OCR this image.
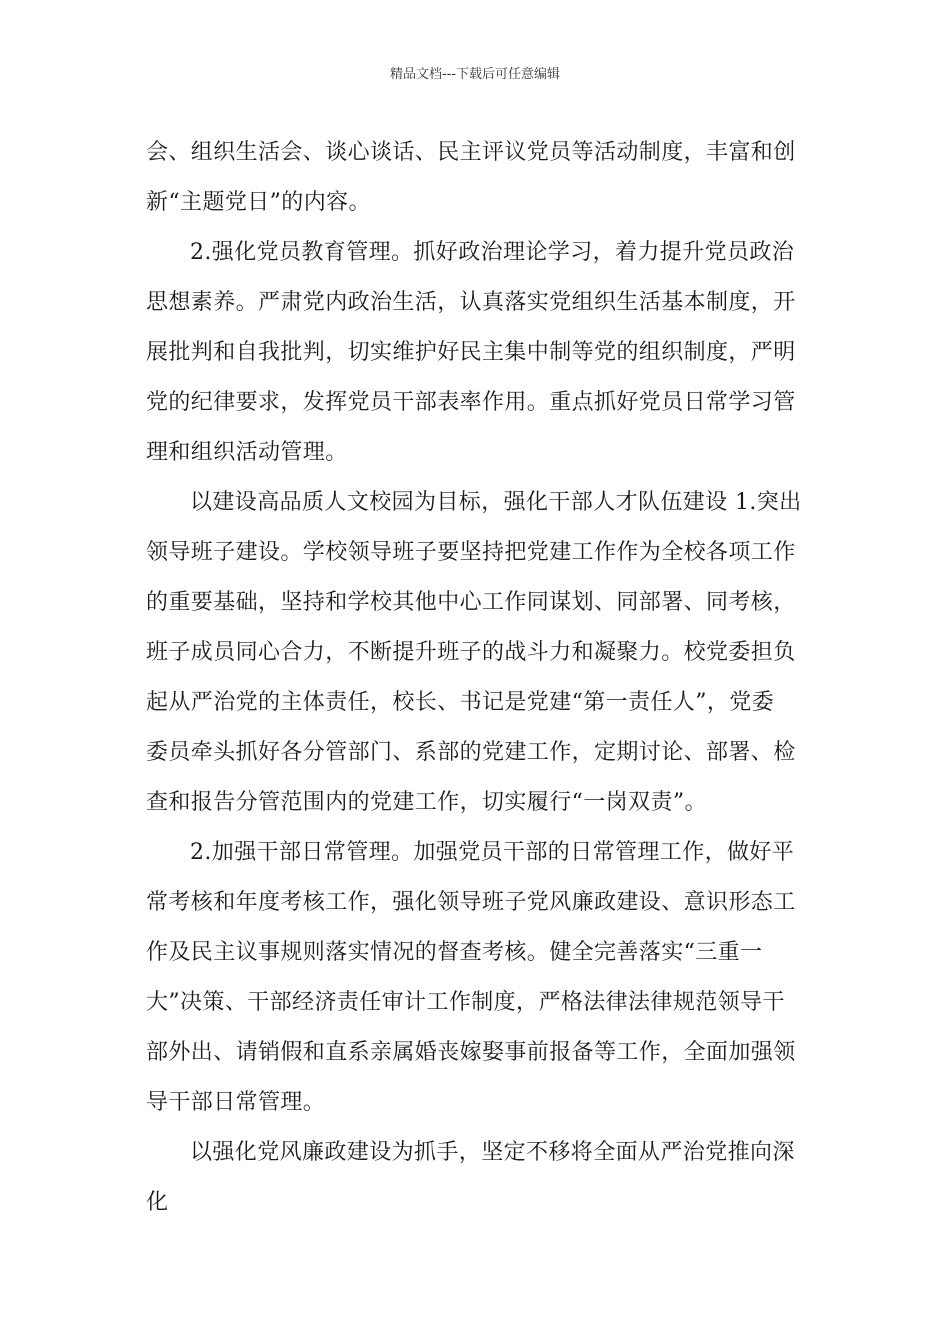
精品文档---下载后可任意编辑
会、组织生活会、谈心谈话、民主评议党员等活动制度，丰富和创
新“主题党日”的内容。
2.强化党员教育管理。抓好政治理论学习，着力提升党员政治
思想素养。严肃党内政治生活，认真落实党组织生活基本制度，开
展批判和自我批判，切实维护好民主集中制等党的组织制度，严明
党的纪律要求，发挥党员干部表率作用。重点抓好党员日常学习管
理和组织活动管理。
以建设高品质人文校园为目标，强化干部人才队伍建设 1.突出
领导班子建设。学校领导班子要坚持把党建工作作为全校各项工作
的重要基础，坚持和学校其他中心工作同谋划、同部署、同考核，
班子成员同心合力，不断提升班子的战斗力和凝聚力。校党委担负
起从严治党的主体责任，校长、书记是党建“第一责任人”，党委
委员牵头抓好各分管部门、系部的党建工作，定期讨论、部署、检
查和报告分管范围内的党建工作，切实履行“一岗双责”。
2.加强干部日常管理。加强党员干部的日常管理工作，做好平
常考核和年度考核工作，强化领导班子党风廉政建设、意识形态工
作及民主议事规则落实情况的督查考核。健全完善落实“三重一
大”决策、干部经济责任审计工作制度，严格法律法律规范领导干
部外出、请销假和直系亲属婚丧嫁娶事前报备等工作，全面加强领
导干部日常管理。
以强化党风廉政建设为抓手，坚定不移将全面从严治党推向深
化
